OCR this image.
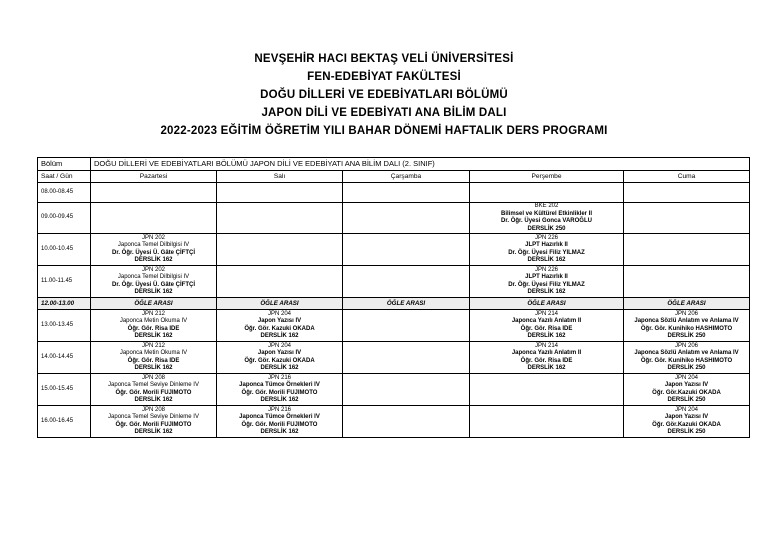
NEVŞEHİR HACI BEKTAŞ VELİ ÜNİVERSİTESİ
FEN-EDEBİYAT FAKÜLTESİ
DOĞU DİLLERİ VE EDEBİYATLARI BÖLÜMÜ
JAPON DİLİ VE EDEBİYATI ANA BİLİM DALI
2022-2023 EĞİTİM ÖĞRETİM YILI BAHAR DÖNEMİ HAFTALIK DERS PROGRAMI
Bölüm	DOĞU DİLLERİ VE EDEBİYATLARI BÖLÜMÜ JAPON DİLİ VE EDEBİYATI ANA BİLİM DALI (2. SINIF)				
Saat / Gün	Pazartesi	Salı	Çarşamba	Perşembe	Cuma
08.00-08.45					
09.00-09.45				BKE 202
Bilimsel ve Kültürel Etkinlikler II
Dr. Öğr. Üyesi Gonca VAROĞLU
DERSLİK 250	

10.00-10.45	JPN 202
Japonca Temel Dilbilgisi IV
Dr. Öğr. Üyesi Ü. Gâte ÇİFTÇİ
DERSLİK 162			JPN 226
JLPT Hazırlık II
Dr. Öğr. Üyesi Filiz YILMAZ
DERSLİK 162	

11.00-11.45	JPN 202
Japonca Temel Dilbilgisi IV
Dr. Öğr. Üyesi Ü. Gâte ÇİFTÇİ
DERSLİK 162			JPN 226
JLPT Hazırlık II
Dr. Öğr. Üyesi Filiz YILMAZ
DERSLİK 162	

12.00-13.00	ÖĞLE ARASI	ÖĞLE ARASI	ÖĞLE ARASI	ÖĞLE ARASI	ÖĞLE ARASI
13.00-13.45	JPN 212
Japonca Metin Okuma IV
Öğr. Gör. Risa IDE
DERSLİK 162	JPN 204
Japon Yazısı IV
Öğr. Gör. Kazuki OKADA
DERSLİK 162		JPN 214
Japonca Yazılı Anlatım II
Öğr. Gör. Risa IDE
DERSLİK 162	JPN 206
Japonca Sözlü Anlatım ve Anlama IV
Öğr. Gör. Kunihiko HASHIMOTO
DERSLİK 250

14.00-14.45	JPN 212
Japonca Metin Okuma IV
Öğr. Gör. Risa IDE
DERSLİK 162	JPN 204
Japon Yazısı IV
Öğr. Gör. Kazuki OKADA
DERSLİK 162		JPN 214
Japonca Yazılı Anlatım II
Öğr. Gör. Risa IDE
DERSLİK 162	JPN 206
Japonca Sözlü Anlatım ve Anlama IV
Öğr. Gör. Kunihiko HASHIMOTO
DERSLİK 250

15.00-15.45	JPN 208
Japonca Temel Seviye Dinleme IV
Öğr. Gör. Morili FUJIMOTO
DERSLİK 162	JPN 216
Japonca Tümce Örnekleri IV
Öğr. Gör. Morili FUJIMOTO
DERSLİK 162			JPN 204
Japon Yazısı IV
Öğr. Gör.Kazuki OKADA
DERSLİK 250

16.00-16.45	JPN 208
Japonca Temel Seviye Dinleme IV
Öğr. Gör. Morili FUJIMOTO
DERSLİK 162	JPN 216
Japonca Tümce Örnekleri IV
Öğr. Gör. Morili FUJIMOTO
DERSLİK 162			JPN 204
Japon Yazısı IV
Öğr. Gör.Kazuki OKADA
DERSLİK 250
